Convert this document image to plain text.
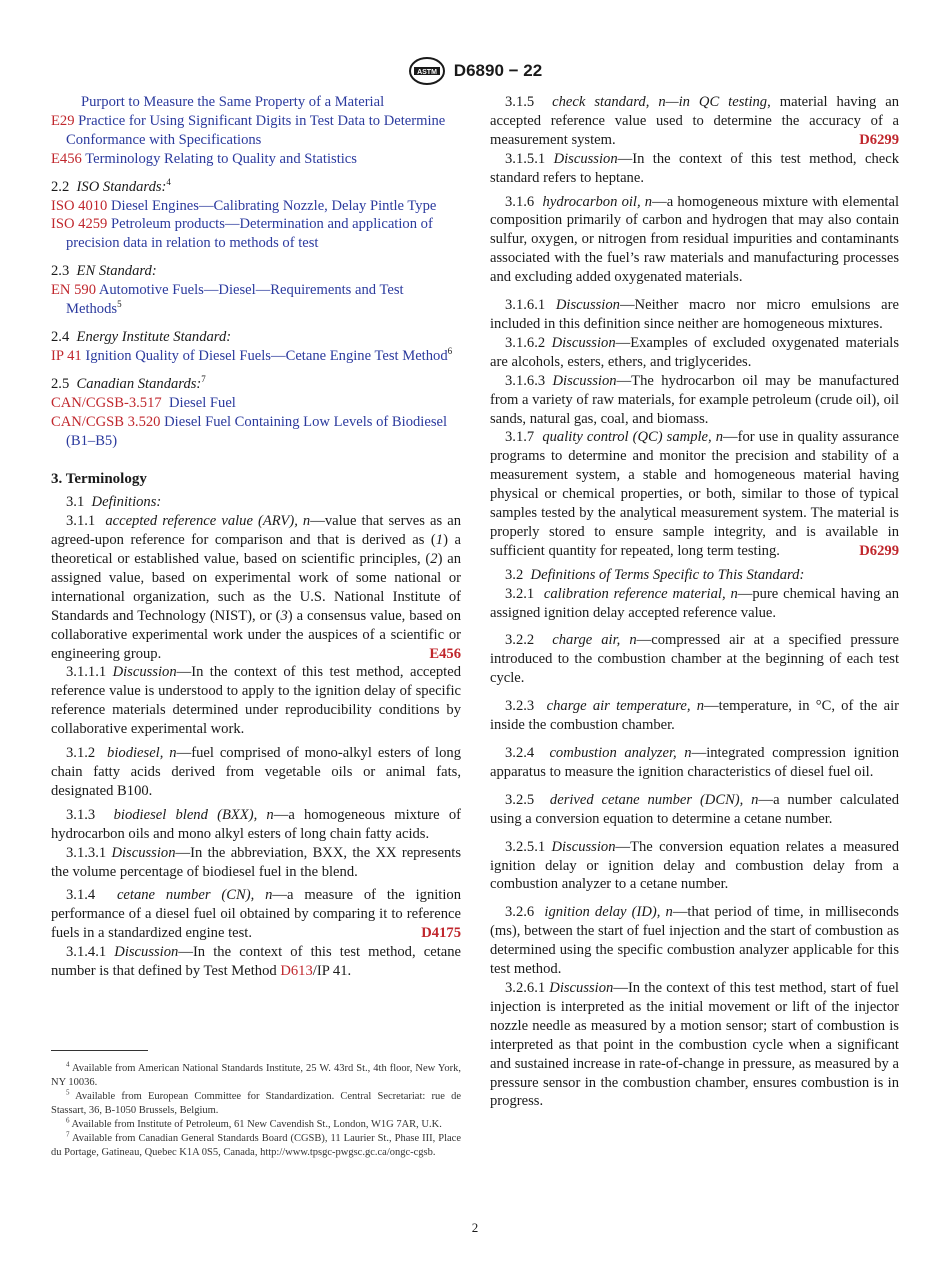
ASTM D6890 − 22

Purport to Measure the Same Property of a Material

E29 Practice for Using Significant Digits in Test Data to Determine Conformance with Specifications

E456 Terminology Relating to Quality and Statistics

2.2 ISO Standards:$^4$

ISO 4010 Diesel Engines—Calibrating Nozzle, Delay Pintle Type

ISO 4259 Petroleum products—Determination and application of precision data in relation to methods of test

2.3 EN Standard:

EN 590 Automotive Fuels—Diesel—Requirements and Test Methods$^5$

2.4 Energy Institute Standard:

IP 41 Ignition Quality of Diesel Fuels—Cetane Engine Test Method$^6$

2.5 Canadian Standards:$^7$

CAN/CGSB-3.517 Diesel Fuel

CAN/CGSB 3.520 Diesel Fuel Containing Low Levels of Biodiesel (B1–B5)

3. Terminology

3.1 Definitions:

3.1.1 accepted reference value (ARV), n—value that serves as an agreed-upon reference for comparison and that is derived as (1) a theoretical or established value, based on scientific principles, (2) an assigned value, based on experimental work of some national or international organization, such as the U.S. National Institute of Standards and Technology (NIST), or (3) a consensus value, based on collaborative experimental work under the auspices of a scientific or engineering group.	E456

3.1.1.1 Discussion—In the context of this test method, accepted reference value is understood to apply to the ignition delay of specific reference materials determined under reproducibility conditions by collaborative experimental work.

3.1.2 biodiesel, n—fuel comprised of mono-alkyl esters of long chain fatty acids derived from vegetable oils or animal fats, designated B100.

3.1.3 biodiesel blend (BXX), n—a homogeneous mixture of hydrocarbon oils and mono alkyl esters of long chain fatty acids.

3.1.3.1 Discussion—In the abbreviation, BXX, the XX represents the volume percentage of biodiesel fuel in the blend.

3.1.4 cetane number (CN), n—a measure of the ignition performance of a diesel fuel oil obtained by comparing it to reference fuels in a standardized engine test.	D4175

3.1.4.1 Discussion—In the context of this test method, cetane number is that defined by Test Method D613/IP 41.

$^4$ Available from American National Standards Institute, 25 W. 43rd St., 4th floor, New York, NY 10036.

$^5$ Available from European Committee for Standardization. Central Secretariat: rue de Stassart, 36, B-1050 Brussels, Belgium.

$^6$ Available from Institute of Petroleum, 61 New Cavendish St., London, W1G 7AR, U.K.

$^7$ Available from Canadian General Standards Board (CGSB), 11 Laurier St., Phase III, Place du Portage, Gatineau, Quebec K1A 0S5, Canada, http://www.tpsgc-pwgsc.gc.ca/ongc-cgsb.

3.1.5 check standard, n—in QC testing, material having an accepted reference value used to determine the accuracy of a measurement system.	D6299

3.1.5.1 Discussion—In the context of this test method, check standard refers to heptane.

3.1.6 hydrocarbon oil, n—a homogeneous mixture with elemental composition primarily of carbon and hydrogen that may also contain sulfur, oxygen, or nitrogen from residual impurities and contaminants associated with the fuel’s raw materials and manufacturing processes and excluding added oxygenated materials.

3.1.6.1 Discussion—Neither macro nor micro emulsions are included in this definition since neither are homogeneous mixtures.

3.1.6.2 Discussion—Examples of excluded oxygenated materials are alcohols, esters, ethers, and triglycerides.

3.1.6.3 Discussion—The hydrocarbon oil may be manufactured from a variety of raw materials, for example petroleum (crude oil), oil sands, natural gas, coal, and biomass.

3.1.7 quality control (QC) sample, n—for use in quality assurance programs to determine and monitor the precision and stability of a measurement system, a stable and homogeneous material having physical or chemical properties, or both, similar to those of typical samples tested by the analytical measurement system. The material is properly stored to ensure sample integrity, and is available in sufficient quantity for repeated, long term testing.	D6299

3.2 Definitions of Terms Specific to This Standard:

3.2.1 calibration reference material, n—pure chemical having an assigned ignition delay accepted reference value.

3.2.2 charge air, n—compressed air at a specified pressure introduced to the combustion chamber at the beginning of each test cycle.

3.2.3 charge air temperature, n—temperature, in °C, of the air inside the combustion chamber.

3.2.4 combustion analyzer, n—integrated compression ignition apparatus to measure the ignition characteristics of diesel fuel oil.

3.2.5 derived cetane number (DCN), n—a number calculated using a conversion equation to determine a cetane number.

3.2.5.1 Discussion—The conversion equation relates a measured ignition delay or ignition delay and combustion delay from a combustion analyzer to a cetane number.

3.2.6 ignition delay (ID), n—that period of time, in milliseconds (ms), between the start of fuel injection and the start of combustion as determined using the specific combustion analyzer applicable for this test method.

3.2.6.1 Discussion—In the context of this test method, start of fuel injection is interpreted as the initial movement or lift of the injector nozzle needle as measured by a motion sensor; start of combustion is interpreted as that point in the combustion cycle when a significant and sustained increase in rate-of-change in pressure, as measured by a pressure sensor in the combustion chamber, ensures combustion is in progress.

2
